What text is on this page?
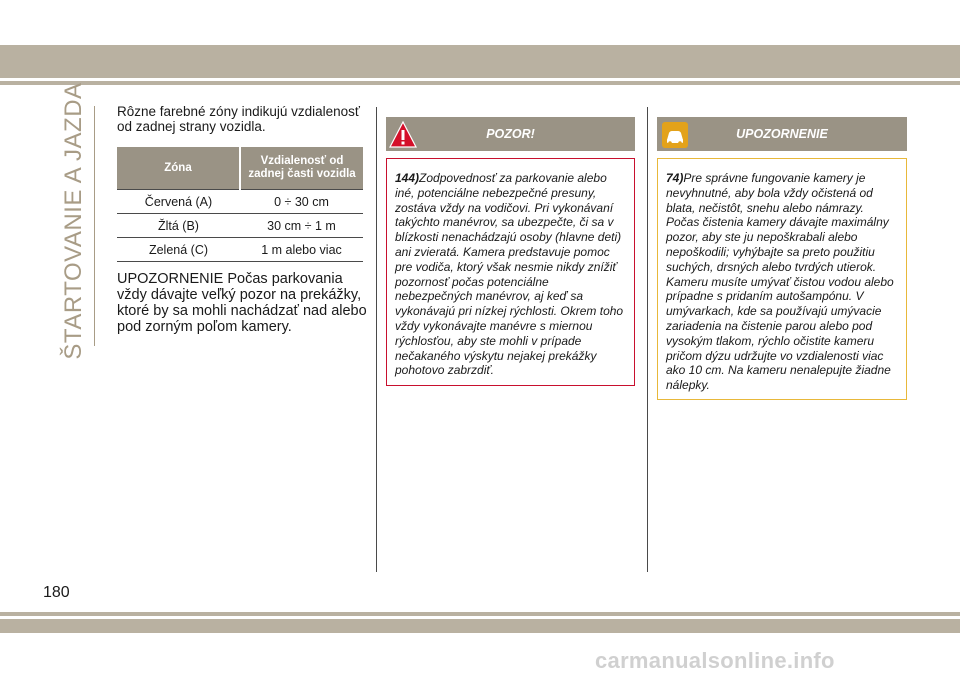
ŠTARTOVANIE A JAZDA Rôzne farebné zóny indikujú vzdialenosť od zadnej strany vozidla.
Zóna	Vzdialenosť od zadnej časti vozidla
Červená (A)	0 ÷ 30 cm
Žltá (B)	30 cm ÷ 1 m
Zelená (C)	1 m alebo viac
UPOZORNENIE Počas parkovania vždy dávajte veľký pozor na prekážky, ktoré by sa mohli nachádzať nad alebo pod zorným poľom kamery.
POZOR!
144)Zodpovednosť za parkovanie alebo iné, potenciálne nebezpečné presuny, zostáva vždy na vodičovi. Pri vykonávaní takýchto manévrov, sa ubezpečte, či sa v blízkosti nenachádzajú osoby (hlavne deti) ani zvieratá. Kamera predstavuje pomoc pre vodiča, ktorý však nesmie nikdy znížiť pozornosť počas potenciálne nebezpečných manévrov, aj keď sa vykonávajú pri nízkej rýchlosti. Okrem toho vždy vykonávajte manévre s miernou rýchlosťou, aby ste mohli v prípade nečakaného výskytu nejakej prekážky pohotovo zabrzdiť.
UPOZORNENIE
74)Pre správne fungovanie kamery je nevyhnutné, aby bola vždy očistená od blata, nečistôt, snehu alebo námrazy. Počas čistenia kamery dávajte maximálny pozor, aby ste ju nepoškrabali alebo nepoškodili; vyhýbajte sa preto použitiu suchých, drsných alebo tvrdých utierok. Kameru musíte umývať čistou vodou alebo prípadne s pridaním autošampónu. V umývarkach, kde sa používajú umývacie zariadenia na čistenie parou alebo pod vysokým tlakom, rýchlo očistite kameru pričom dýzu udržujte vo vzdialenosti viac ako 10 cm. Na kameru nenalepujte žiadne nálepky.
180
carmanualsonline.info
